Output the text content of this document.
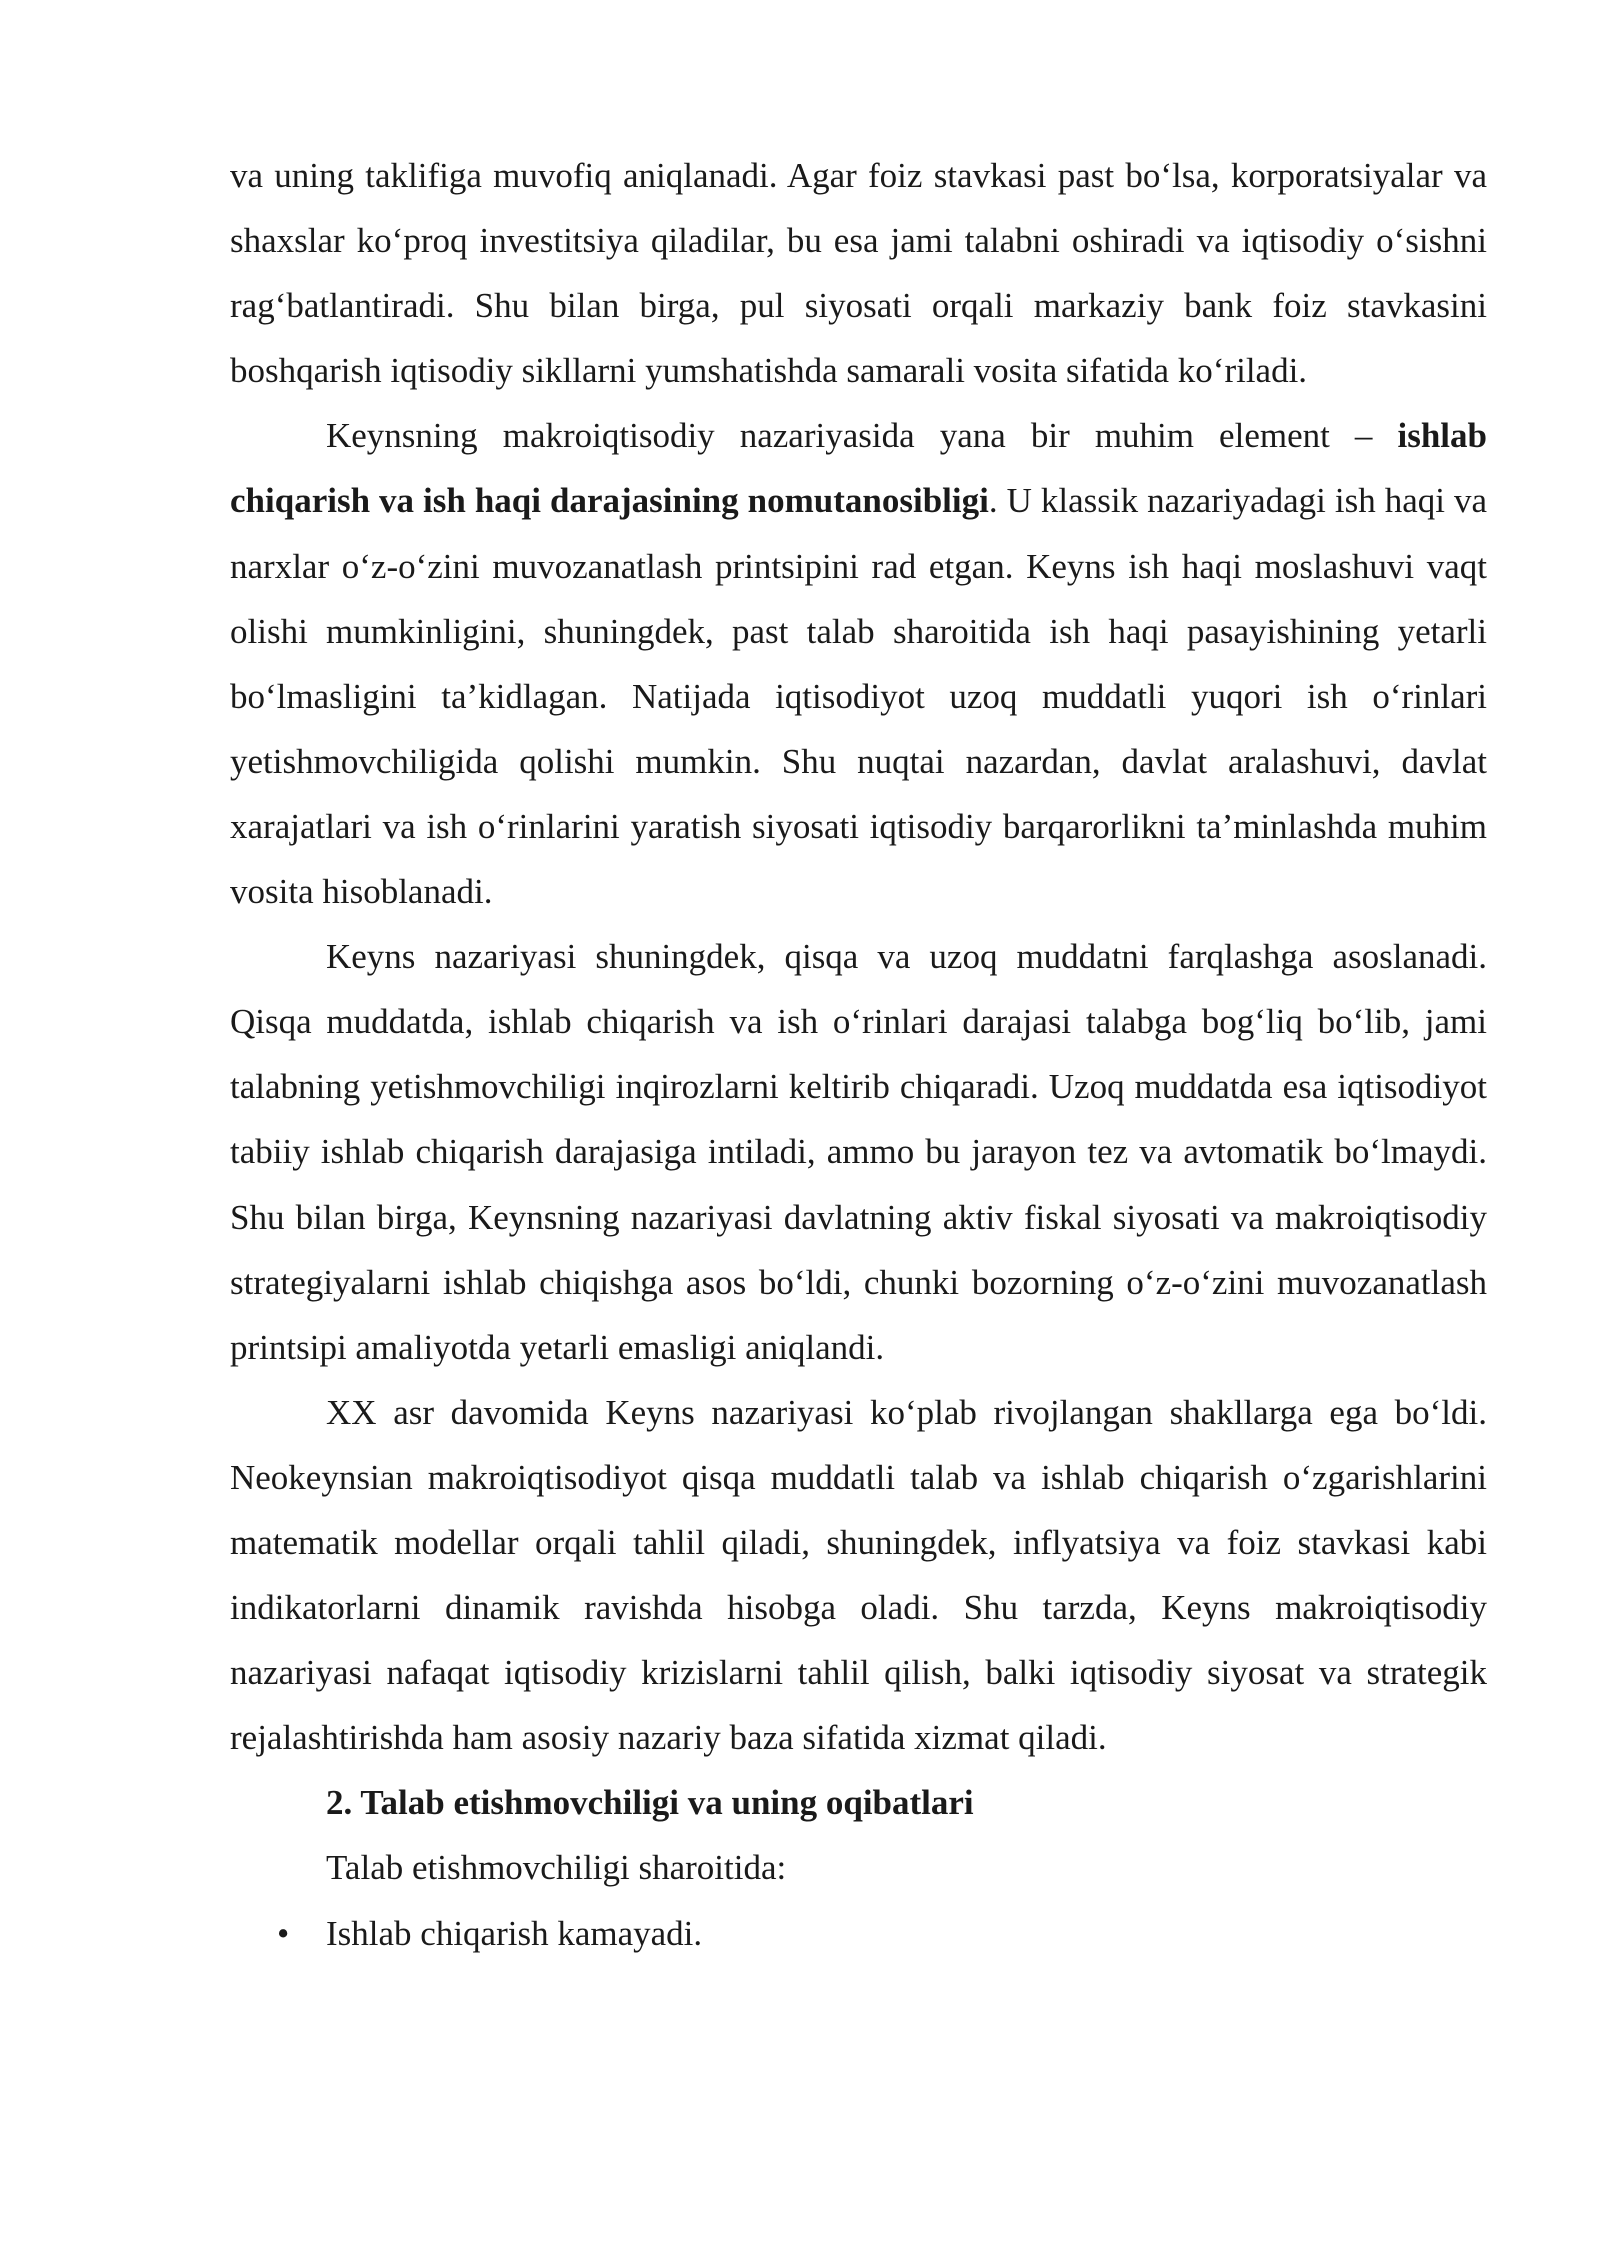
va uning taklifiga muvofiq aniqlanadi. Agar foiz stavkasi past bo‘lsa, korporatsiyalar va shaxslar ko‘proq investitsiya qiladilar, bu esa jami talabni oshiradi va iqtisodiy o‘sishni rag‘batlantiradi. Shu bilan birga, pul siyosati orqali markaziy bank foiz stavkasini boshqarish iqtisodiy sikllarni yumshatishda samarali vosita sifatida ko‘riladi.

Keynsning makroiqtisodiy nazariyasida yana bir muhim element – ishlab chiqarish va ish haqi darajasining nomutanosibligi. U klassik nazariyadagi ish haqi va narxlar o‘z-o‘zini muvozanatlash printsipini rad etgan. Keyns ish haqi moslashuvi vaqt olishi mumkinligini, shuningdek, past talab sharoitida ish haqi pasayishining yetarli bo‘lmasligini ta’kidlagan. Natijada iqtisodiyot uzoq muddatli yuqori ish o‘rinlari yetishmovchiligida qolishi mumkin. Shu nuqtai nazardan, davlat aralashuvi, davlat xarajatlari va ish o‘rinlarini yaratish siyosati iqtisodiy barqarorlikni ta’minlashda muhim vosita hisoblanadi.

Keyns nazariyasi shuningdek, qisqa va uzoq muddatni farqlashga asoslanadi. Qisqa muddatda, ishlab chiqarish va ish o‘rinlari darajasi talabga bog‘liq bo‘lib, jami talabning yetishmovchiligi inqirozlarni keltirib chiqaradi. Uzoq muddatda esa iqtisodiyot tabiiy ishlab chiqarish darajasiga intiladi, ammo bu jarayon tez va avtomatik bo‘lmaydi. Shu bilan birga, Keynsning nazariyasi davlatning aktiv fiskal siyosati va makroiqtisodiy strategiyalarni ishlab chiqishga asos bo‘ldi, chunki bozorning o‘z-o‘zini muvozanatlash printsipi amaliyotda yetarli emasligi aniqlandi.

XX asr davomida Keyns nazariyasi ko‘plab rivojlangan shakllarga ega bo‘ldi. Neokeynsian makroiqtisodiyot qisqa muddatli talab va ishlab chiqarish o‘zgarishlarini matematik modellar orqali tahlil qiladi, shuningdek, inflyatsiya va foiz stavkasi kabi indikatorlarni dinamik ravishda hisobga oladi. Shu tarzda, Keyns makroiqtisodiy nazariyasi nafaqat iqtisodiy krizislarni tahlil qilish, balki iqtisodiy siyosat va strategik rejalashtirishda ham asosiy nazariy baza sifatida xizmat qiladi.

2. Talab etishmovchiligi va uning oqibatlari
Talab etishmovchiligi sharoitida:
• Ishlab chiqarish kamayadi.
